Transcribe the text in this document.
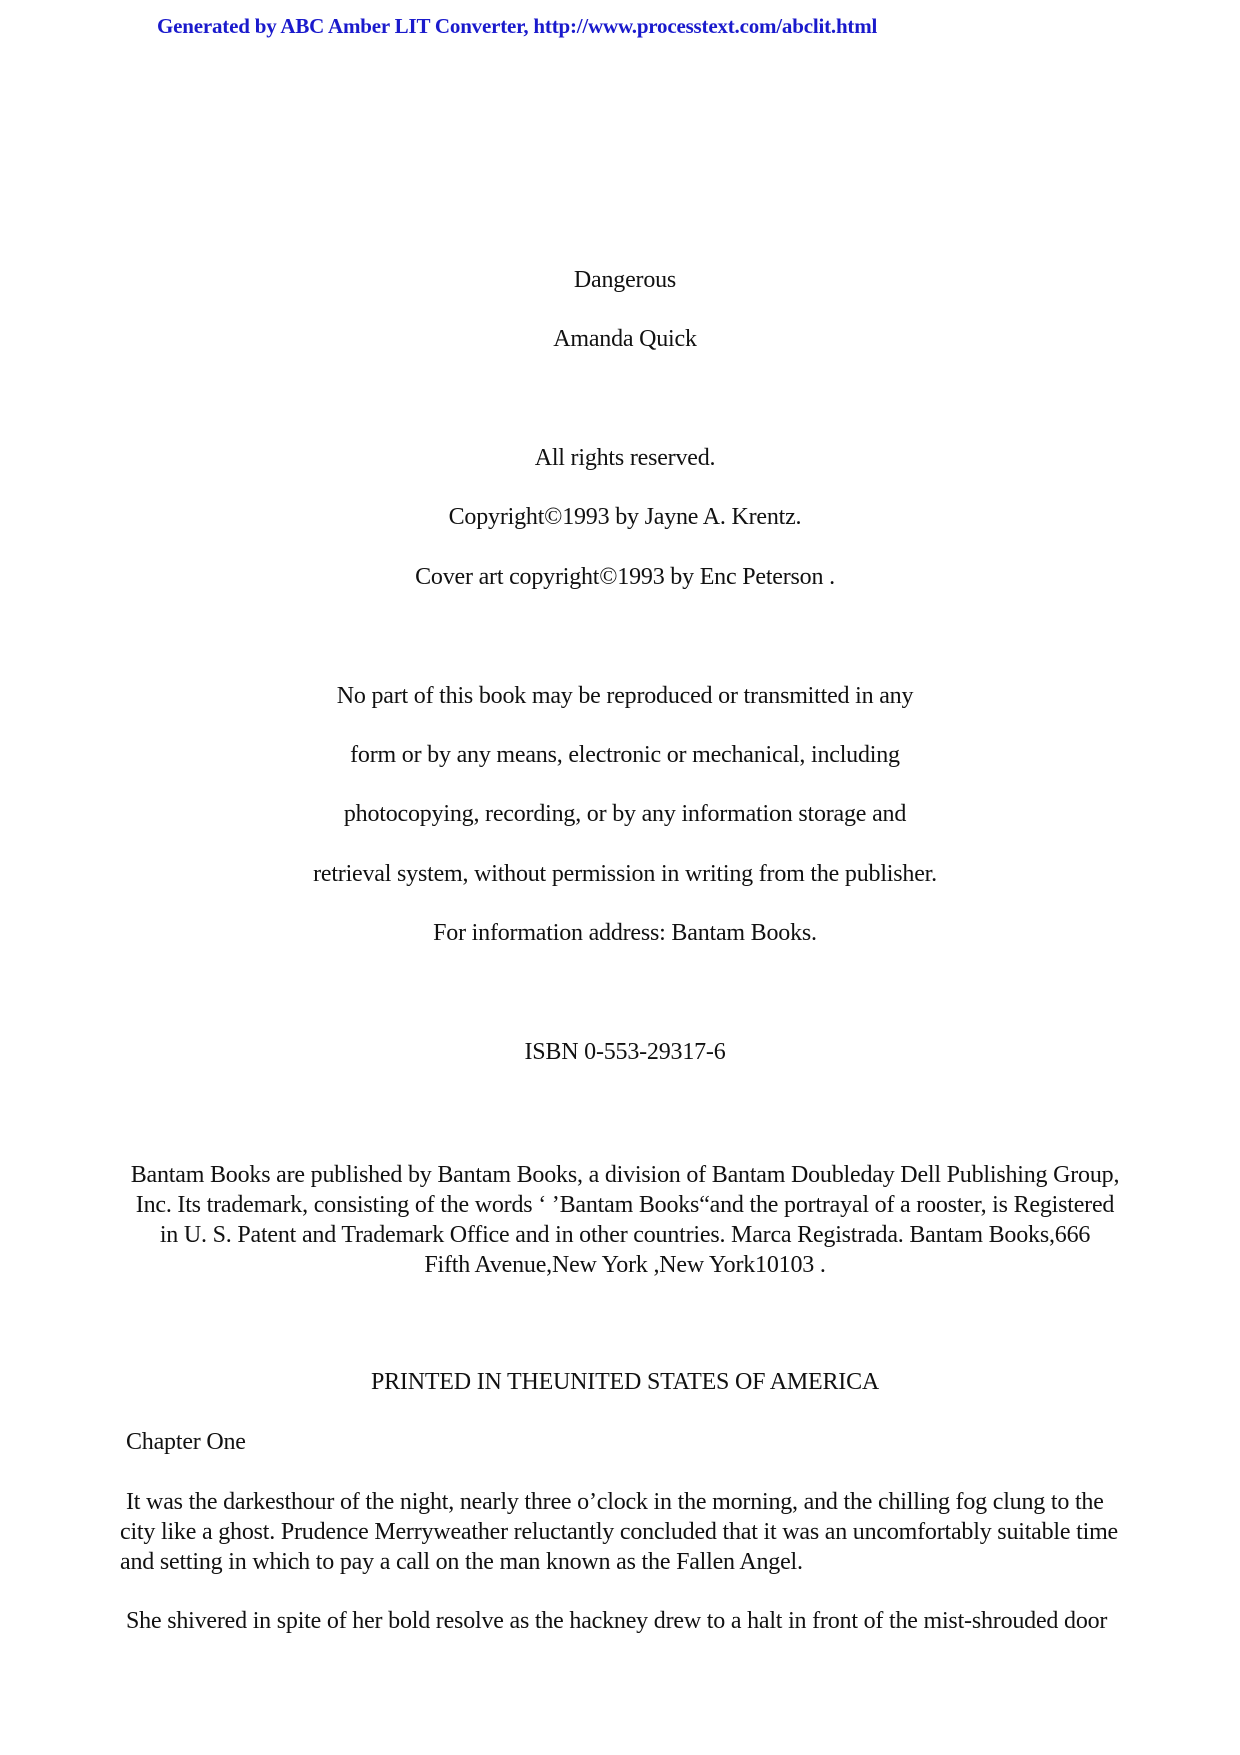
Generated by ABC Amber LIT Converter, http://www.processtext.com/abclit.html
Dangerous
Amanda Quick
All rights reserved.
Copyright©1993 by Jayne A. Krentz.
Cover art copyright©1993 by Enc Peterson .
No part of this book may be reproduced or transmitted in any
form or by any means, electronic or mechanical, including
photocopying, recording, or by any information storage and
retrieval system, without permission in writing from the publisher.
For information address: Bantam Books.
ISBN 0-553-29317-6
Bantam Books are published by Bantam Books, a division of Bantam Doubleday Dell Publishing Group,
Inc. Its trademark, consisting of the words ‘ ’Bantam Books“and the portrayal of a rooster, is Registered
in U. S. Patent and Trademark Office and in other countries. Marca Registrada. Bantam Books,666
Fifth Avenue,New York ,New York10103 .
PRINTED IN THEUNITED STATES OF AMERICA
Chapter One
It was the darkesthour of the night, nearly three o’clock in the morning, and the chilling fog clung to the
city like a ghost. Prudence Merryweather reluctantly concluded that it was an uncomfortably suitable time
and setting in which to pay a call on the man known as the Fallen Angel.
She shivered in spite of her bold resolve as the hackney drew to a halt in front of the mist-shrouded door
